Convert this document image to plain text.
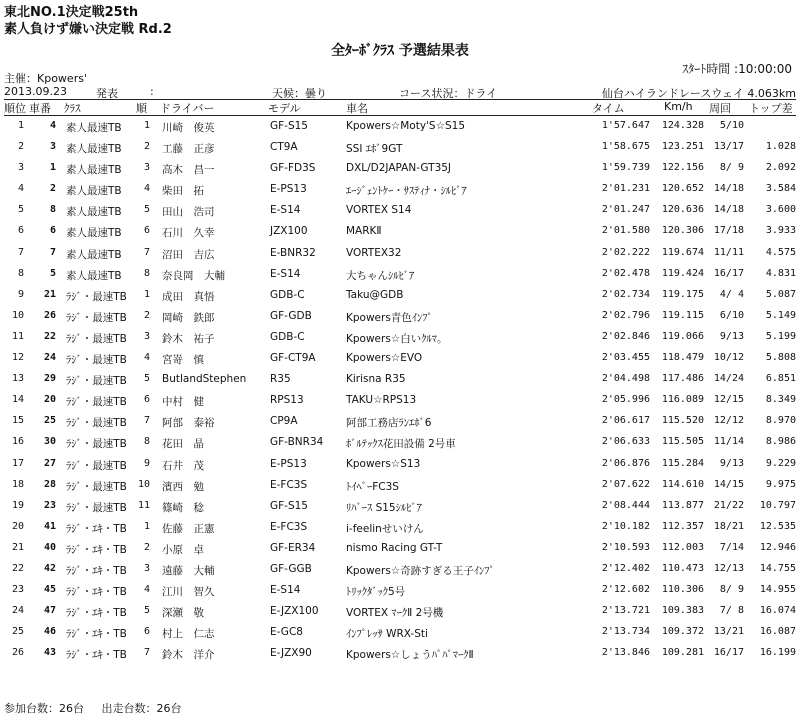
東北NO.1決定戦25th
素人負けず嫌い決定戦 Rd.2
全ﾀｰﾎﾞｸﾗｽ 予選結果表
ｽﾀｰﾄ時間 :10:00:00
主催：Kpowers'
2013.09.23	発表	:	天候：曇り	コース状況：ドライ	仙台ハイランドレースウェイ 4.063km
順位 車番 ｸﾗｽ	順 ドライバー	モデル	車名	タイム	Km/h 周回 トップ差
1	4 素人最速TB	1 川崎　俊英	GF-S15	Kpowers☆Moty'S☆S15	1'57.647	124.328	5/10
2	3 素人最速TB	2 工藤　正彦	CT9A	SSI ｴﾎﾞ9GT	1'58.675	123.251 13/17	1.028
3	1 素人最速TB	3 高木　昌一	GF-FD3S	DXL/D2JAPAN-GT35J	1'59.739	122.156	8/ 9	2.092
4	2 素人最速TB	4 柴田　拓	E-PS13	ｴｰｼﾞｪﾝﾄｹｰ・ｻｽﾃｨﾅ・ｼﾙﾋﾞｱ	2'01.231	120.652 14/18	3.584
5	8 素人最速TB	5 田山　浩司	E-S14	VORTEX S14	2'01.247	120.636 14/18	3.600
6	6 素人最速TB	6 石川　久幸	JZX100	MARKⅡ	2'01.580	120.306 17/18	3.933
7	7 素人最速TB	7 沼田　吉広	E-BNR32	VORTEX32	2'02.222	119.674 11/11	4.575
8	5 素人最速TB	8 奈良岡　大輔	E-S14	大ちゃんｼﾙﾋﾞｱ	2'02.478	119.424 16/17	4.831
9	21 ﾗｼﾞ・最速TB	1 成田　真悟	GDB-C	Taku@GDB	2'02.734	119.175	4/ 4	5.087
10	26 ﾗｼﾞ・最速TB	2 岡崎　鉄郎	GF-GDB	Kpowers青色ｲﾝﾌﾟ	2'02.796	119.115	6/10	5.149
11	22 ﾗｼﾞ・最速TB	3 鈴木　祐子	GDB-C	Kpowers☆白いｸﾙﾏ。	2'02.846	119.066	9/13	5.199
12	24 ﾗｼﾞ・最速TB	4 宮嵜　慎	GF-CT9A	Kpowers☆EVO	2'03.455	118.479 10/12	5.808
13	29 ﾗｼﾞ・最速TB	5 ButlandStephen R35	Kirisna R35	2'04.498	117.486 14/24	6.851
14	20 ﾗｼﾞ・最速TB	6 中村　健	RPS13	TAKU☆RPS13	2'05.996	116.089 12/15	8.349
15	25 ﾗｼﾞ・最速TB	7 阿部　泰裕	CP9A	阿部工務店ﾗﾝｴﾎﾞ6	2'06.617	115.520 12/12	8.970
16	30 ﾗｼﾞ・最速TB	8 花田　晶	GF-BNR34 ﾎﾞﾙﾃｯｸｽ花田設備 2号車	2'06.633	115.505 11/14	8.986
17	27 ﾗｼﾞ・最速TB	9 石井　茂	E-PS13	Kpowers☆S13	2'06.876	115.284	9/13	9.229
18	28 ﾗｼﾞ・最速TB 10 濱西　勉	E-FC3S	ﾄｲﾍﾟｰFC3S	2'07.622	114.610 14/15	9.975
19	23 ﾗｼﾞ・最速TB 11 篠崎　稔	GF-S15	ﾘﾊﾞｰｽ S15ｼﾙﾋﾞｱ	2'08.444	113.877 21/22	10.797
20	41 ﾗｼﾞ・ｴｷ・TB	1 佐藤　正憲	E-FC3S	i-feelinせいけん	2'10.182	112.357 18/21	12.535
21	40 ﾗｼﾞ・ｴｷ・TB	2 小原　卓	GF-ER34	nismo Racing GT-T	2'10.593	112.003	7/14	12.946
22	42 ﾗｼﾞ・ｴｷ・TB	3 遠藤　大輔	GF-GGB	Kpowers☆奇跡すぎる王子ｲﾝﾌﾟ	2'12.402	110.473 12/13	14.755
23	45 ﾗｼﾞ・ｴｷ・TB	4 江川　智久	E-S14	ﾄﾘｯｸﾀﾞｯｸ5号	2'12.602	110.306	8/ 9	14.955
24	47 ﾗｼﾞ・ｴｷ・TB	5 深瀬　敬	E-JZX100	VORTEX ﾏｰｸⅡ 2号機	2'13.721	109.383	7/ 8	16.074
25	46 ﾗｼﾞ・ｴｷ・TB	6 村上　仁志	E-GC8	ｲﾝﾌﾟﾚｯｻ WRX-Sti	2'13.734	109.372 13/21	16.087
26	43 ﾗｼﾞ・ｴｷ・TB	7 鈴木　洋介	E-JZX90	Kpowers☆しょうﾊﾟﾊﾟﾏｰｸⅡ	2'13.846	109.281 16/17	16.199
参加台数：26台 出走台数：26台
